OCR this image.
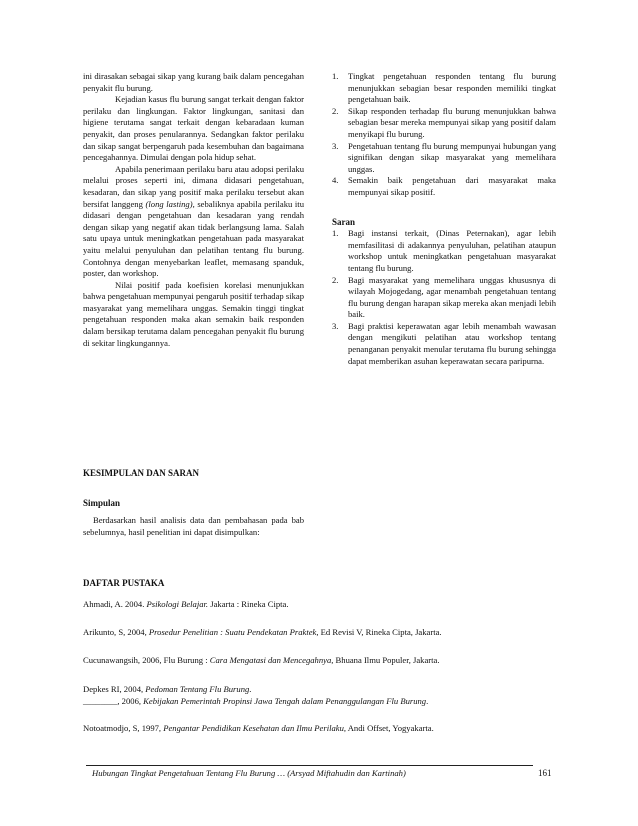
ini dirasakan sebagai sikap yang kurang baik dalam pencegahan penyakit flu burung.

Kejadian kasus flu burung sangat terkait dengan faktor perilaku dan lingkungan. Faktor lingkungan, sanitasi dan higiene terutama sangat terkait dengan kebaradaan kuman penyakit, dan proses penularannya. Sedangkan faktor perilaku dan sikap sangat berpengaruh pada kesembuhan dan bagaimana pencegahannya. Dimulai dengan pola hidup sehat.

Apabila penerimaan perilaku baru atau adopsi perilaku melalui proses seperti ini, dimana didasari pengetahuan, kesadaran, dan sikap yang positif maka perilaku tersebut akan bersifat langgeng (long lasting), sebaliknya apabila perilaku itu didasari dengan pengetahuan dan kesadaran yang rendah dengan sikap yang negatif akan tidak berlangsung lama. Salah satu upaya untuk meningkatkan pengetahuan pada masyarakat yaitu melalui penyuluhan dan pelatihan tentang flu burung. Contohnya dengan menyebarkan leaflet, memasang spanduk, poster, dan workshop.

Nilai positif pada koefisien korelasi menunjukkan bahwa pengetahuan mempunyai pengaruh positif terhadap sikap masyarakat yang memelihara unggas. Semakin tinggi tingkat pengetahuan responden maka akan semakin baik responden dalam bersikap terutama dalam pencegahan penyakit flu burung di sekitar lingkungannya.

KESIMPULAN DAN SARAN

Simpulan

Berdasarkan hasil analisis data dan pembahasan pada bab sebelumnya, hasil penelitian ini dapat disimpulkan:

1. Tingkat pengetahuan responden tentang flu burung menunjukkan sebagian besar responden memiliki tingkat pengetahuan baik.
2. Sikap responden terhadap flu burung menunjukkan bahwa sebagian besar mereka mempunyai sikap yang positif dalam menyikapi flu burung.
3. Pengetahuan tentang flu burung mempunyai hubungan yang signifikan dengan sikap masyarakat yang memelihara unggas.
4. Semakin baik pengetahuan dari masyarakat maka mempunyai sikap positif.

Saran

1. Bagi instansi terkait, (Dinas Peternakan), agar lebih memfasilitasi di adakannya penyuluhan, pelatihan ataupun workshop untuk meningkatkan pengetahuan masyarakat tentang flu burung.
2. Bagi masyarakat yang memelihara unggas khususnya di wilayah Mojogedang, agar menambah pengetahuan tentang flu burung dengan harapan sikap mereka akan menjadi lebih baik.
3. Bagi praktisi keperawatan agar lebih menambah wawasan dengan mengikuti pelatihan atau workshop tentang penanganan penyakit menular terutama flu burung sehingga dapat memberikan asuhan keperawatan secara paripurna.

DAFTAR PUSTAKA

Ahmadi, A. 2004. Psikologi Belajar. Jakarta : Rineka Cipta.

Arikunto, S, 2004, Prosedur Penelitian : Suatu Pendekatan Praktek, Ed Revisi V, Rineka Cipta, Jakarta.

Cucunawangsih, 2006, Flu Burung : Cara Mengatasi dan Mencegahnya, Bhuana Ilmu Populer, Jakarta.

Depkes RI, 2004, Pedoman Tentang Flu Burung.

________, 2006, Kebijakan Pemerintah Propinsi Jawa Tengah dalam Penanggulangan Flu Burung.

Notoatmodjo, S, 1997, Pengantar Pendidikan Kesehatan dan Ilmu Perilaku, Andi Offset, Yogyakarta.

Hubungan Tingkat Pengetahuan Tentang Flu Burung … (Arsyad Miftahudin dan Kartinah)	161
